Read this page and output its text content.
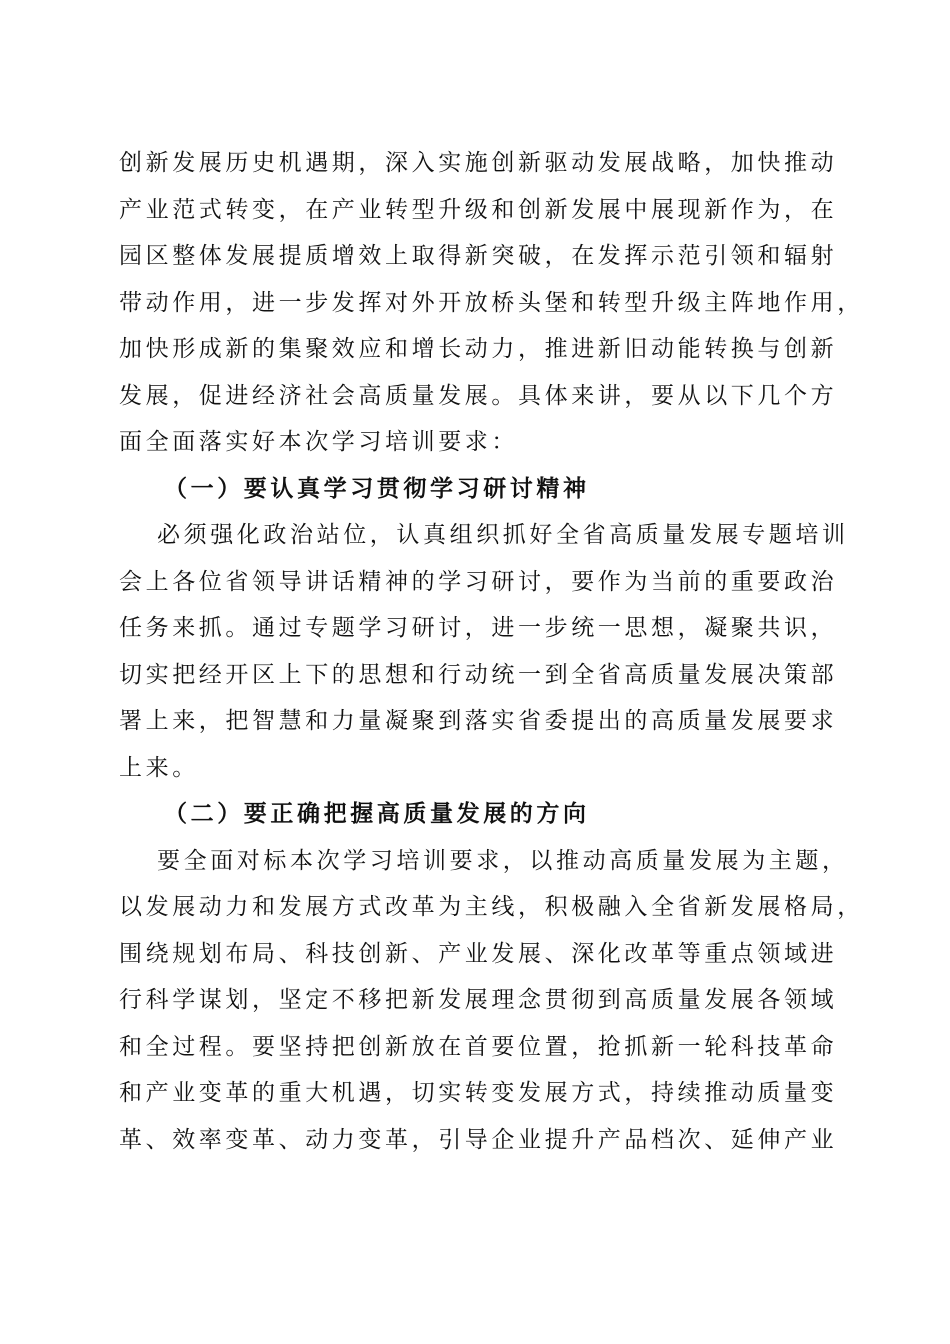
创新发展历史机遇期，深入实施创新驱动发展战略，加快推动
产业范式转变，在产业转型升级和创新发展中展现新作为，在
园区整体发展提质增效上取得新突破，在发挥示范引领和辐射
带动作用，进一步发挥对外开放桥头堡和转型升级主阵地作用，
加快形成新的集聚效应和增长动力，推进新旧动能转换与创新
发展，促进经济社会高质量发展。具体来讲，要从以下几个方
面全面落实好本次学习培训要求：
（一）要认真学习贯彻学习研讨精神
必须强化政治站位，认真组织抓好全省高质量发展专题培训
会上各位省领导讲话精神的学习研讨，要作为当前的重要政治
任务来抓。通过专题学习研讨，进一步统一思想，凝聚共识，
切实把经开区上下的思想和行动统一到全省高质量发展决策部
署上来，把智慧和力量凝聚到落实省委提出的高质量发展要求
上来。
（二）要正确把握高质量发展的方向
要全面对标本次学习培训要求，以推动高质量发展为主题，
以发展动力和发展方式改革为主线，积极融入全省新发展格局，
围绕规划布局、科技创新、产业发展、深化改革等重点领域进
行科学谋划，坚定不移把新发展理念贯彻到高质量发展各领域
和全过程。要坚持把创新放在首要位置，抢抓新一轮科技革命
和产业变革的重大机遇，切实转变发展方式，持续推动质量变
革、效率变革、动力变革，引导企业提升产品档次、延伸产业
